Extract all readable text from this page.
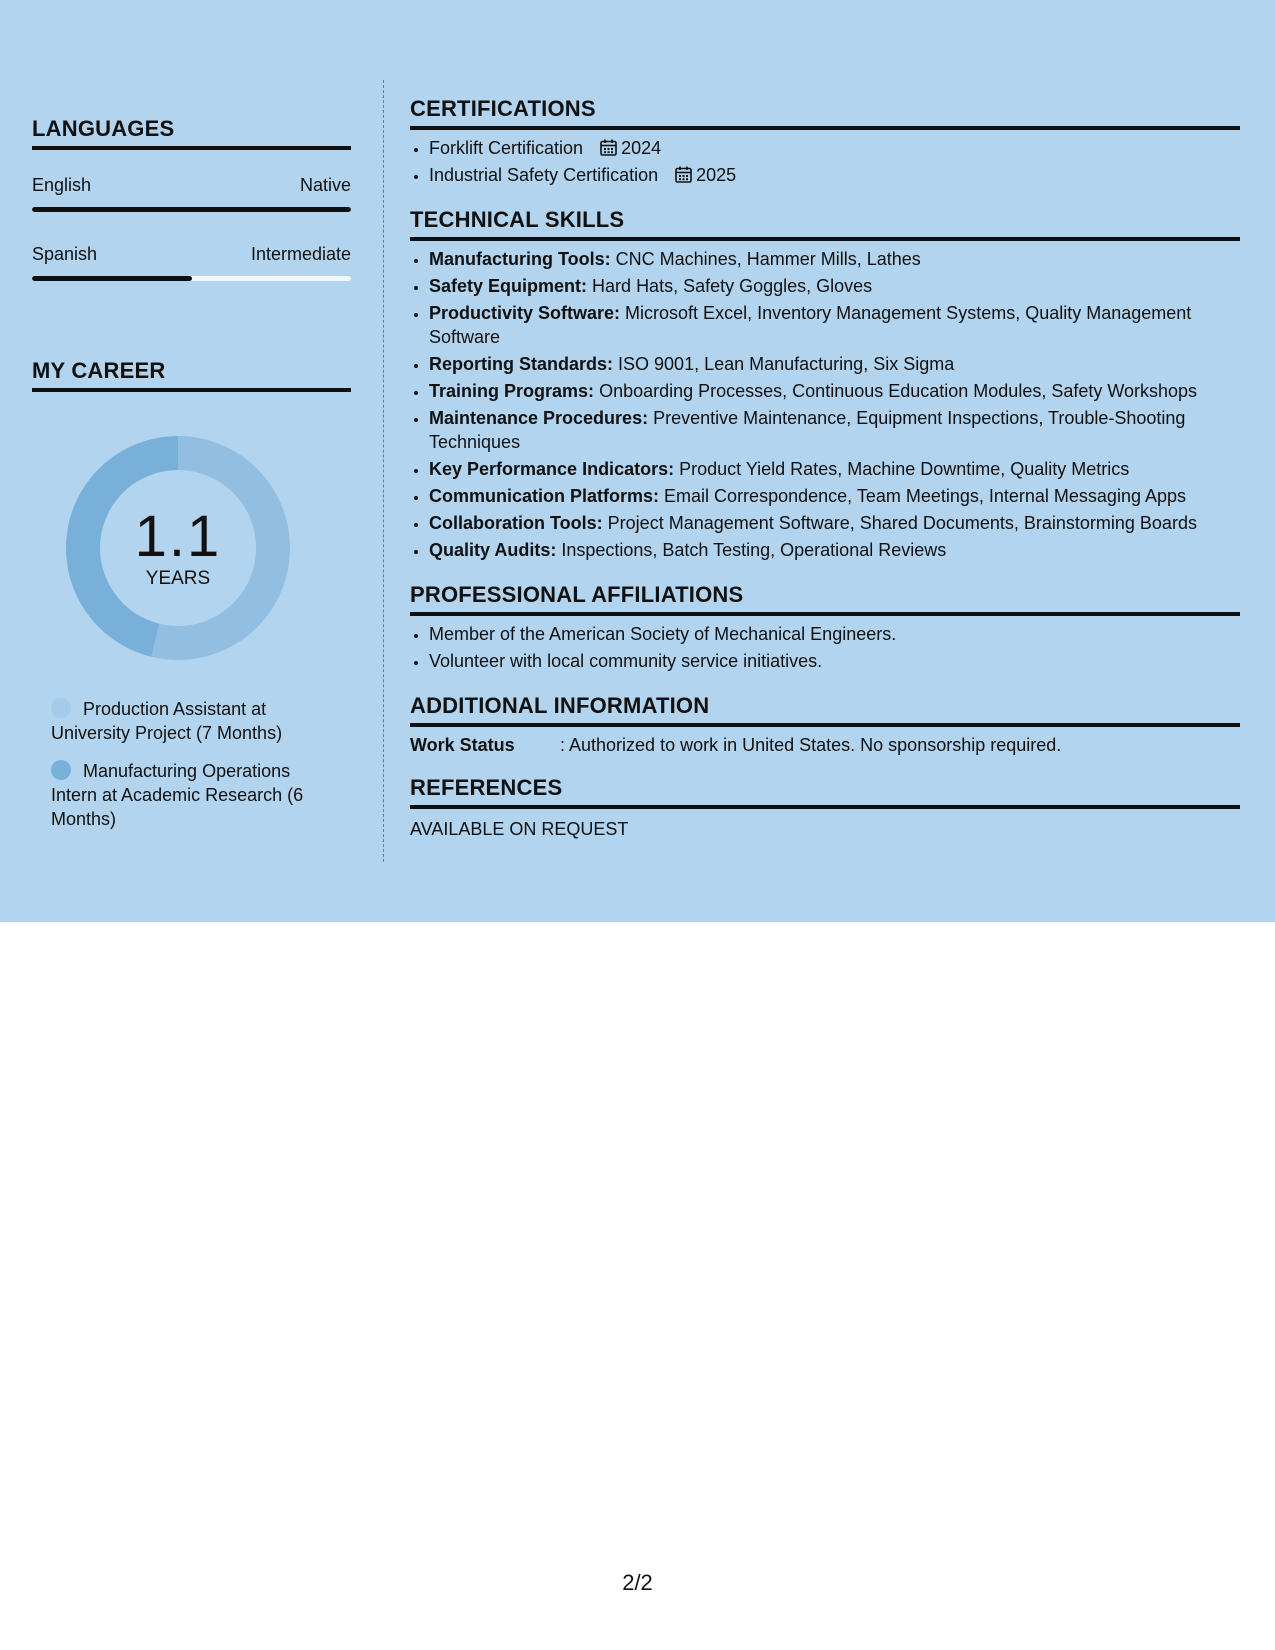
LANGUAGES
English	Native
Spanish	Intermediate
MY CAREER
1.1
YEARS
Production Assistant at University Project (7 Months)
Manufacturing Operations Intern at Academic Research (6 Months)
CERTIFICATIONS
• Forklift Certification 2024
• Industrial Safety Certification 2025
TECHNICAL SKILLS
• Manufacturing Tools: CNC Machines, Hammer Mills, Lathes
• Safety Equipment: Hard Hats, Safety Goggles, Gloves
• Productivity Software: Microsoft Excel, Inventory Management Systems, Quality Management Software
• Reporting Standards: ISO 9001, Lean Manufacturing, Six Sigma
• Training Programs: Onboarding Processes, Continuous Education Modules, Safety Workshops
• Maintenance Procedures: Preventive Maintenance, Equipment Inspections, Trouble-Shooting Techniques
• Key Performance Indicators: Product Yield Rates, Machine Downtime, Quality Metrics
• Communication Platforms: Email Correspondence, Team Meetings, Internal Messaging Apps
• Collaboration Tools: Project Management Software, Shared Documents, Brainstorming Boards
• Quality Audits: Inspections, Batch Testing, Operational Reviews
PROFESSIONAL AFFILIATIONS
• Member of the American Society of Mechanical Engineers.
• Volunteer with local community service initiatives.
ADDITIONAL INFORMATION
Work Status	: Authorized to work in United States. No sponsorship required.
REFERENCES
AVAILABLE ON REQUEST
2/2
